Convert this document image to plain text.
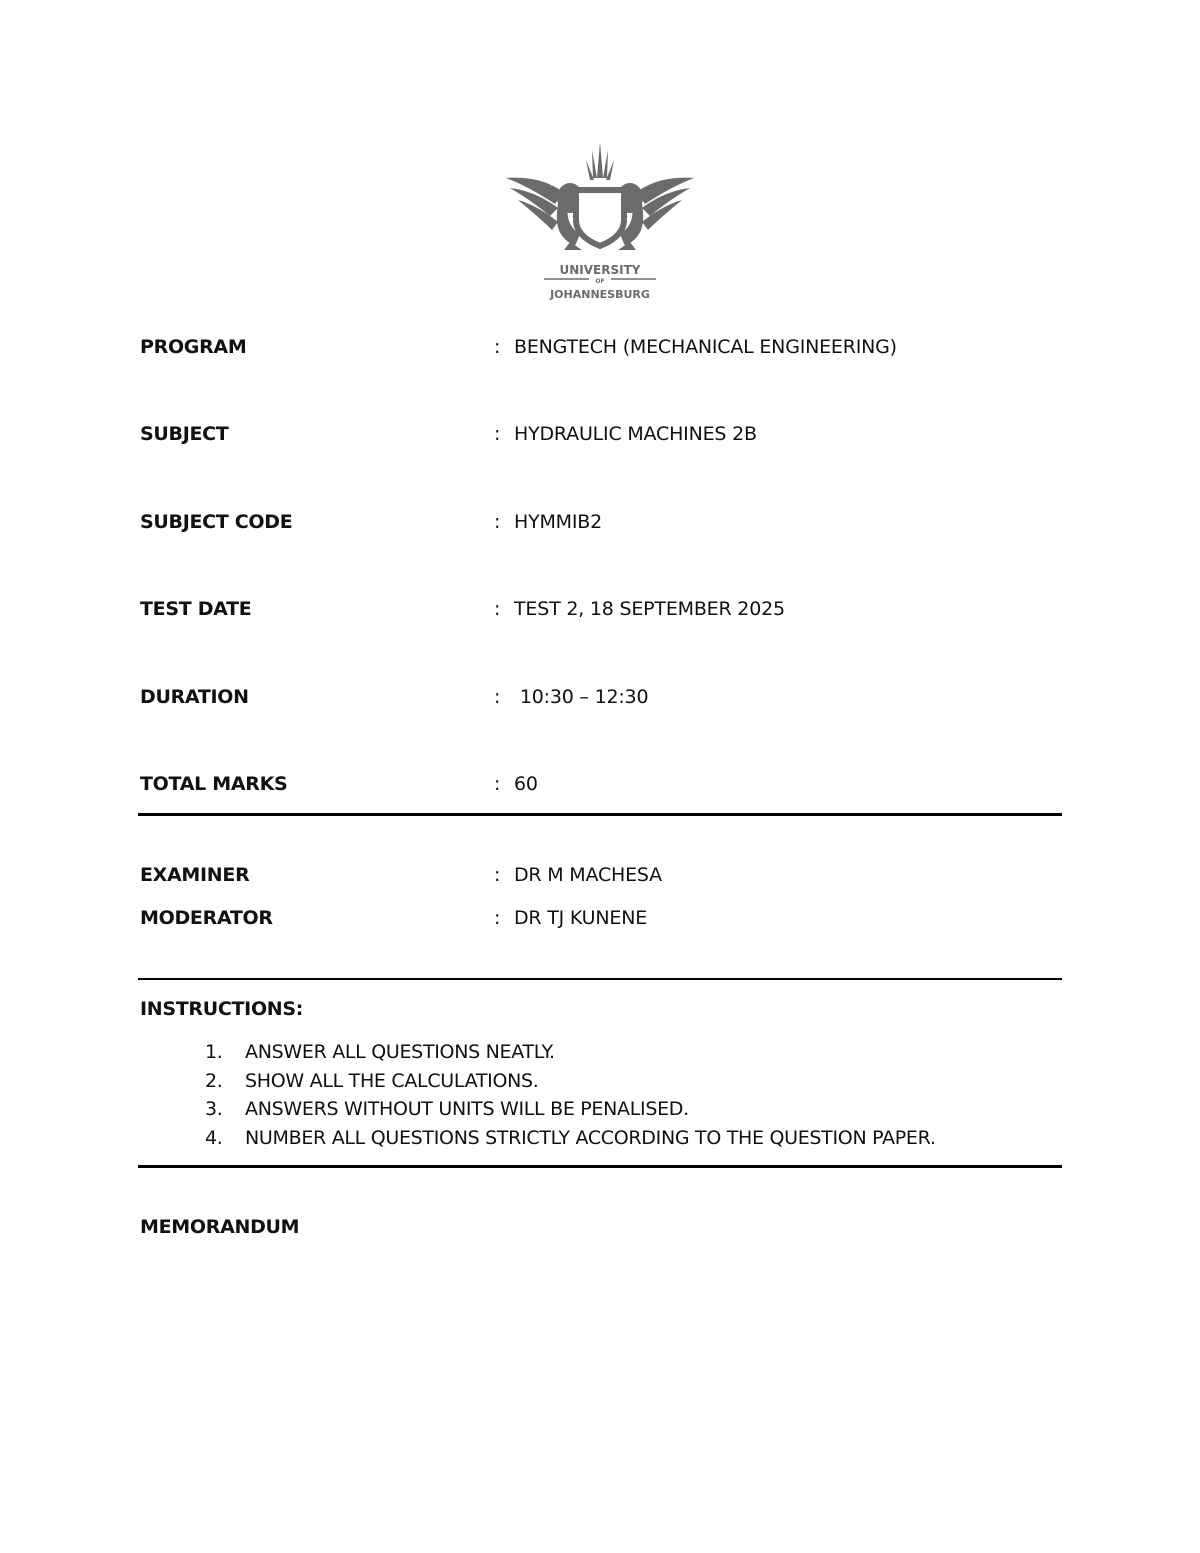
UNIVERSITY
OF
JOHANNESBURG
PROGRAM	: BENGTECH (MECHANICAL ENGINEERING)
SUBJECT	: HYDRAULIC MACHINES 2B
SUBJECT CODE	: HYMMIB2
TEST DATE	: TEST 2, 18 SEPTEMBER 2025
DURATION	: 10:30 – 12:30
TOTAL MARKS	: 60
EXAMINER	: DR M MACHESA
MODERATOR	: DR TJ KUNENE
INSTRUCTIONS:
1. ANSWER ALL QUESTIONS NEATLY.
2. SHOW ALL THE CALCULATIONS.
3. ANSWERS WITHOUT UNITS WILL BE PENALISED.
4. NUMBER ALL QUESTIONS STRICTLY ACCORDING TO THE QUESTION PAPER.
MEMORANDUM
